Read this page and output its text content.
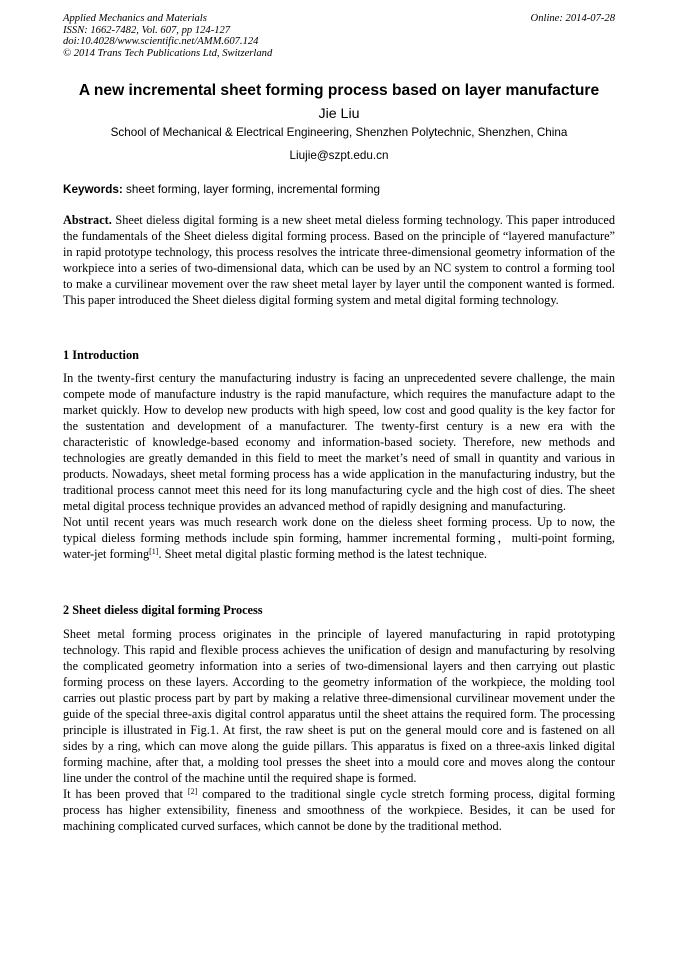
Applied Mechanics and Materials
ISSN: 1662-7482, Vol. 607, pp 124-127
doi:10.4028/www.scientific.net/AMM.607.124
© 2014 Trans Tech Publications Ltd, Switzerland
Online: 2014-07-28
A new incremental sheet forming process based on layer manufacture
Jie Liu
School of Mechanical & Electrical Engineering, Shenzhen Polytechnic, Shenzhen, China
Liujie@szpt.edu.cn
Keywords: sheet forming, layer forming, incremental forming

Abstract. Sheet dieless digital forming is a new sheet metal dieless forming technology. This paper introduced the fundamentals of the Sheet dieless digital forming process. Based on the principle of “layered manufacture” in rapid prototype technology, this process resolves the intricate three-dimensional geometry information of the workpiece into a series of two-dimensional data, which can be used by an NC system to control a forming tool to make a curvilinear movement over the raw sheet metal layer by layer until the component wanted is formed. This paper introduced the Sheet dieless digital forming system and metal digital forming technology.

1 Introduction

In the twenty-first century the manufacturing industry is facing an unprecedented severe challenge, the main compete mode of manufacture industry is the rapid manufacture, which requires the manufacture adapt to the market quickly. How to develop new products with high speed, low cost and good quality is the key factor for the sustentation and development of a manufacturer. The twenty-first century is a new era with the characteristic of knowledge-based economy and information-based society. Therefore, new methods and technologies are greatly demanded in this field to meet the market’s need of small in quantity and various in products. Nowadays, sheet metal forming process has a wide application in the manufacturing industry, but the traditional process cannot meet this need for its long manufacturing cycle and the high cost of dies. The sheet metal digital process technique provides an advanced method of rapidly designing and manufacturing.

Not until recent years was much research work done on the dieless sheet forming process. Up to now, the typical dieless forming methods include spin forming, hammer incremental forming，multi-point forming, water-jet forming[1]. Sheet metal digital plastic forming method is the latest technique.

2 Sheet dieless digital forming Process

Sheet metal forming process originates in the principle of layered manufacturing in rapid prototyping technology. This rapid and flexible process achieves the unification of design and manufacturing by resolving the complicated geometry information into a series of two-dimensional layers and then carrying out plastic forming process on these layers. According to the geometry information of the workpiece, the molding tool carries out plastic process part by part by making a relative three-dimensional curvilinear movement under the guide of the special three-axis digital control apparatus until the sheet attains the required form. The processing principle is illustrated in Fig.1. At first, the raw sheet is put on the general mould core and is fastened on all sides by a ring, which can move along the guide pillars. This apparatus is fixed on a three-axis linked digital forming machine, after that, a molding tool presses the sheet into a mould core and moves along the contour line under the control of the machine until the required shape is formed.

It has been proved that [2] compared to the traditional single cycle stretch forming process, digital forming process has higher extensibility, fineness and smoothness of the workpiece. Besides, it can be used for machining complicated curved surfaces, which cannot be done by the traditional method.
